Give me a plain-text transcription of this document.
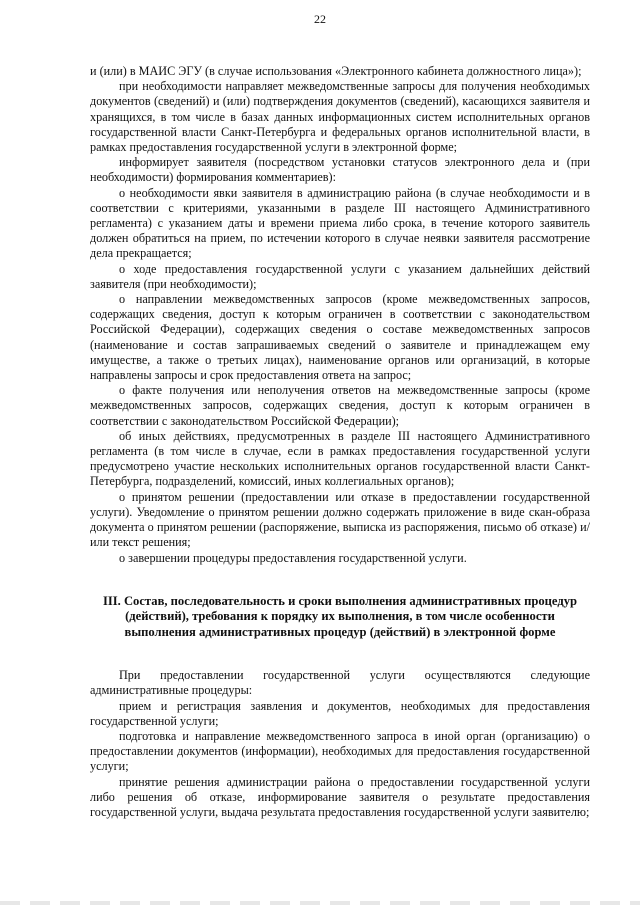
22

и (или) в МАИС ЭГУ (в случае использования «Электронного кабинета должностного лица»);

при необходимости направляет межведомственные запросы для получения необходимых документов (сведений) и (или) подтверждения документов (сведений), касающихся заявителя и хранящихся, в том числе в базах данных информационных систем исполнительных органов государственной власти Санкт-Петербурга и федеральных органов исполнительной власти, в рамках предоставления государственной услуги в электронной форме;

информирует заявителя (посредством установки статусов электронного дела и (при необходимости) формирования комментариев):

о необходимости явки заявителя в администрацию района (в случае необходимости и в соответствии с критериями, указанными в разделе III настоящего Административного регламента) с указанием даты и времени приема либо срока, в течение которого заявитель должен обратиться на прием, по истечении которого в случае неявки заявителя рассмотрение дела прекращается;

о ходе предоставления государственной услуги с указанием дальнейших действий заявителя (при необходимости);

о направлении межведомственных запросов (кроме межведомственных запросов, содержащих сведения, доступ к которым ограничен в соответствии с законодательством Российской Федерации), содержащих сведения о составе межведомственных запросов (наименование и состав запрашиваемых сведений о заявителе и принадлежащем ему имуществе, а также о третьих лицах), наименование органов или организаций, в которые направлены запросы и срок предоставления ответа на запрос;

о факте получения или неполучения ответов на межведомственные запросы (кроме межведомственных запросов, содержащих сведения, доступ к которым ограничен в соответствии с законодательством Российской Федерации);

об иных действиях, предусмотренных в разделе III настоящего Административного регламента (в том числе в случае, если в рамках предоставления государственной услуги предусмотрено участие нескольких исполнительных органов государственной власти Санкт-Петербурга, подразделений, комиссий, иных коллегиальных органов);

о принятом решении (предоставлении или отказе в предоставлении государственной услуги). Уведомление о принятом решении должно содержать приложение в виде скан-образа документа о принятом решении (распоряжение, выписка из распоряжения, письмо об отказе) и/или текст решения;

о завершении процедуры предоставления государственной услуги.

III. Состав, последовательность и сроки выполнения административных процедур (действий), требования к порядку их выполнения, в том числе особенности выполнения административных процедур (действий) в электронной форме

При предоставлении государственной услуги осуществляются следующие административные процедуры:

прием и регистрация заявления и документов, необходимых для предоставления государственной услуги;

подготовка и направление межведомственного запроса в иной орган (организацию) о предоставлении документов (информации), необходимых для предоставления государственной услуги;

принятие решения администрации района о предоставлении государственной услуги либо решения об отказе, информирование заявителя о результате предоставления государственной услуги, выдача результата предоставления государственной услуги заявителю;
